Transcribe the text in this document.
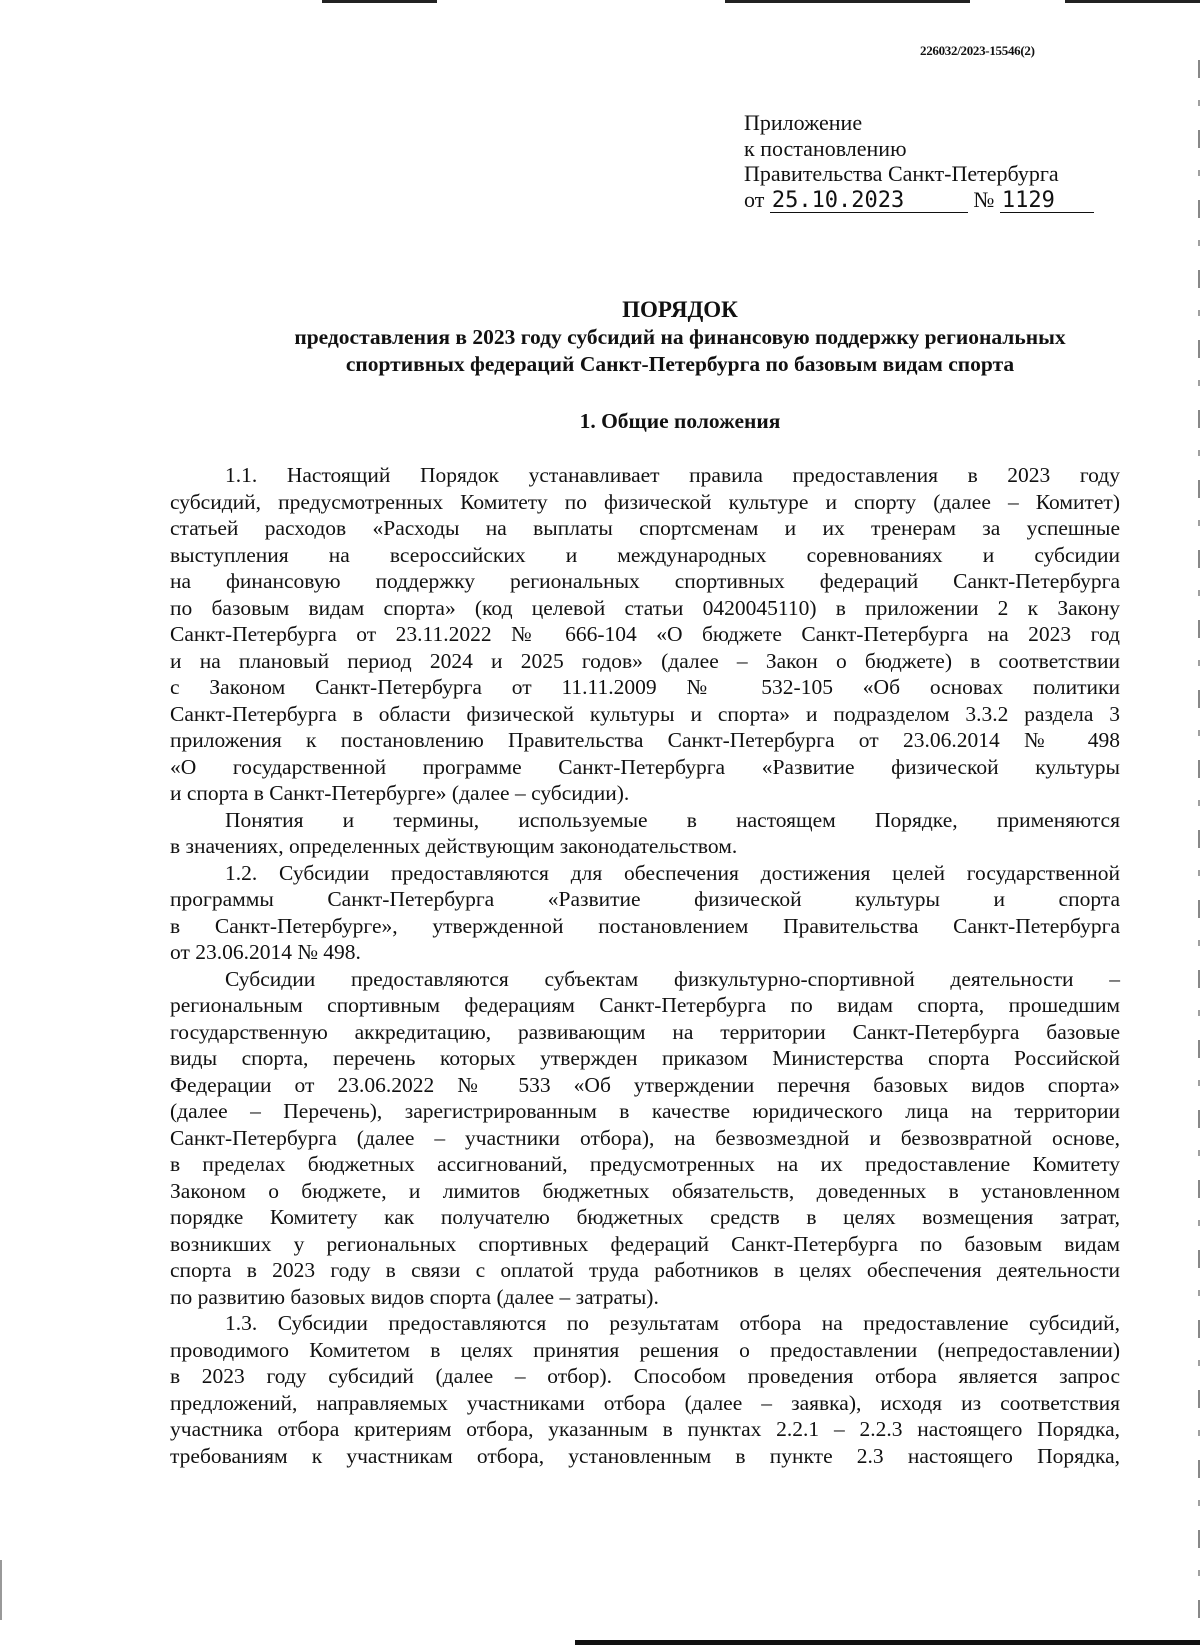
226032/2023-15546(2)
Приложение
к постановлению
Правительства Санкт-Петербурга
от 25.10.2023	№ 1129
ПОРЯДОК
предоставления в 2023 году субсидий на финансовую поддержку региональных
спортивных федераций Санкт-Петербурга по базовым видам спорта
1. Общие положения

1.1. Настоящий Порядок устанавливает правила предоставления в 2023 году
субсидий, предусмотренных Комитету по физической культуре и спорту (далее – Комитет)
статьей расходов «Расходы на выплаты спортсменам и их тренерам за успешные
выступления на всероссийских и международных соревнованиях и субсидии
на финансовую поддержку региональных спортивных федераций Санкт-Петербурга
по базовым видам спорта» (код целевой статьи 0420045110) в приложении 2 к Закону
Санкт-Петербурга от 23.11.2022 № 666-104 «О бюджете Санкт-Петербурга на 2023 год
и на плановый период 2024 и 2025 годов» (далее – Закон о бюджете) в соответствии
с Законом Санкт-Петербурга от 11.11.2009 № 532-105 «Об основах политики
Санкт-Петербурга в области физической культуры и спорта» и подразделом 3.3.2 раздела 3
приложения к постановлению Правительства Санкт-Петербурга от 23.06.2014 № 498
«О государственной программе Санкт-Петербурга «Развитие физической культуры
и спорта в Санкт-Петербурге» (далее – субсидии).

Понятия и термины, используемые в настоящем Порядке, применяются
в значениях, определенных действующим законодательством.

1.2. Субсидии предоставляются для обеспечения достижения целей государственной
программы Санкт-Петербурга «Развитие физической культуры и спорта
в Санкт-Петербурге», утвержденной постановлением Правительства Санкт-Петербурга
от 23.06.2014 № 498.

Субсидии предоставляются субъектам физкультурно-спортивной деятельности –
региональным спортивным федерациям Санкт-Петербурга по видам спорта, прошедшим
государственную аккредитацию, развивающим на территории Санкт-Петербурга базовые
виды спорта, перечень которых утвержден приказом Министерства спорта Российской
Федерации от 23.06.2022 № 533 «Об утверждении перечня базовых видов спорта»
(далее – Перечень), зарегистрированным в качестве юридического лица на территории
Санкт-Петербурга (далее – участники отбора), на безвозмездной и безвозвратной основе,
в пределах бюджетных ассигнований, предусмотренных на их предоставление Комитету
Законом о бюджете, и лимитов бюджетных обязательств, доведенных в установленном
порядке Комитету как получателю бюджетных средств в целях возмещения затрат,
возникших у региональных спортивных федераций Санкт-Петербурга по базовым видам
спорта в 2023 году в связи с оплатой труда работников в целях обеспечения деятельности
по развитию базовых видов спорта (далее – затраты).

1.3. Субсидии предоставляются по результатам отбора на предоставление субсидий,
проводимого Комитетом в целях принятия решения о предоставлении (непредоставлении)
в 2023 году субсидий (далее – отбор). Способом проведения отбора является запрос
предложений, направляемых участниками отбора (далее – заявка), исходя из соответствия
участника отбора критериям отбора, указанным в пунктах 2.2.1 – 2.2.3 настоящего Порядка,
требованиям к участникам отбора, установленным в пункте 2.3 настоящего Порядка,
